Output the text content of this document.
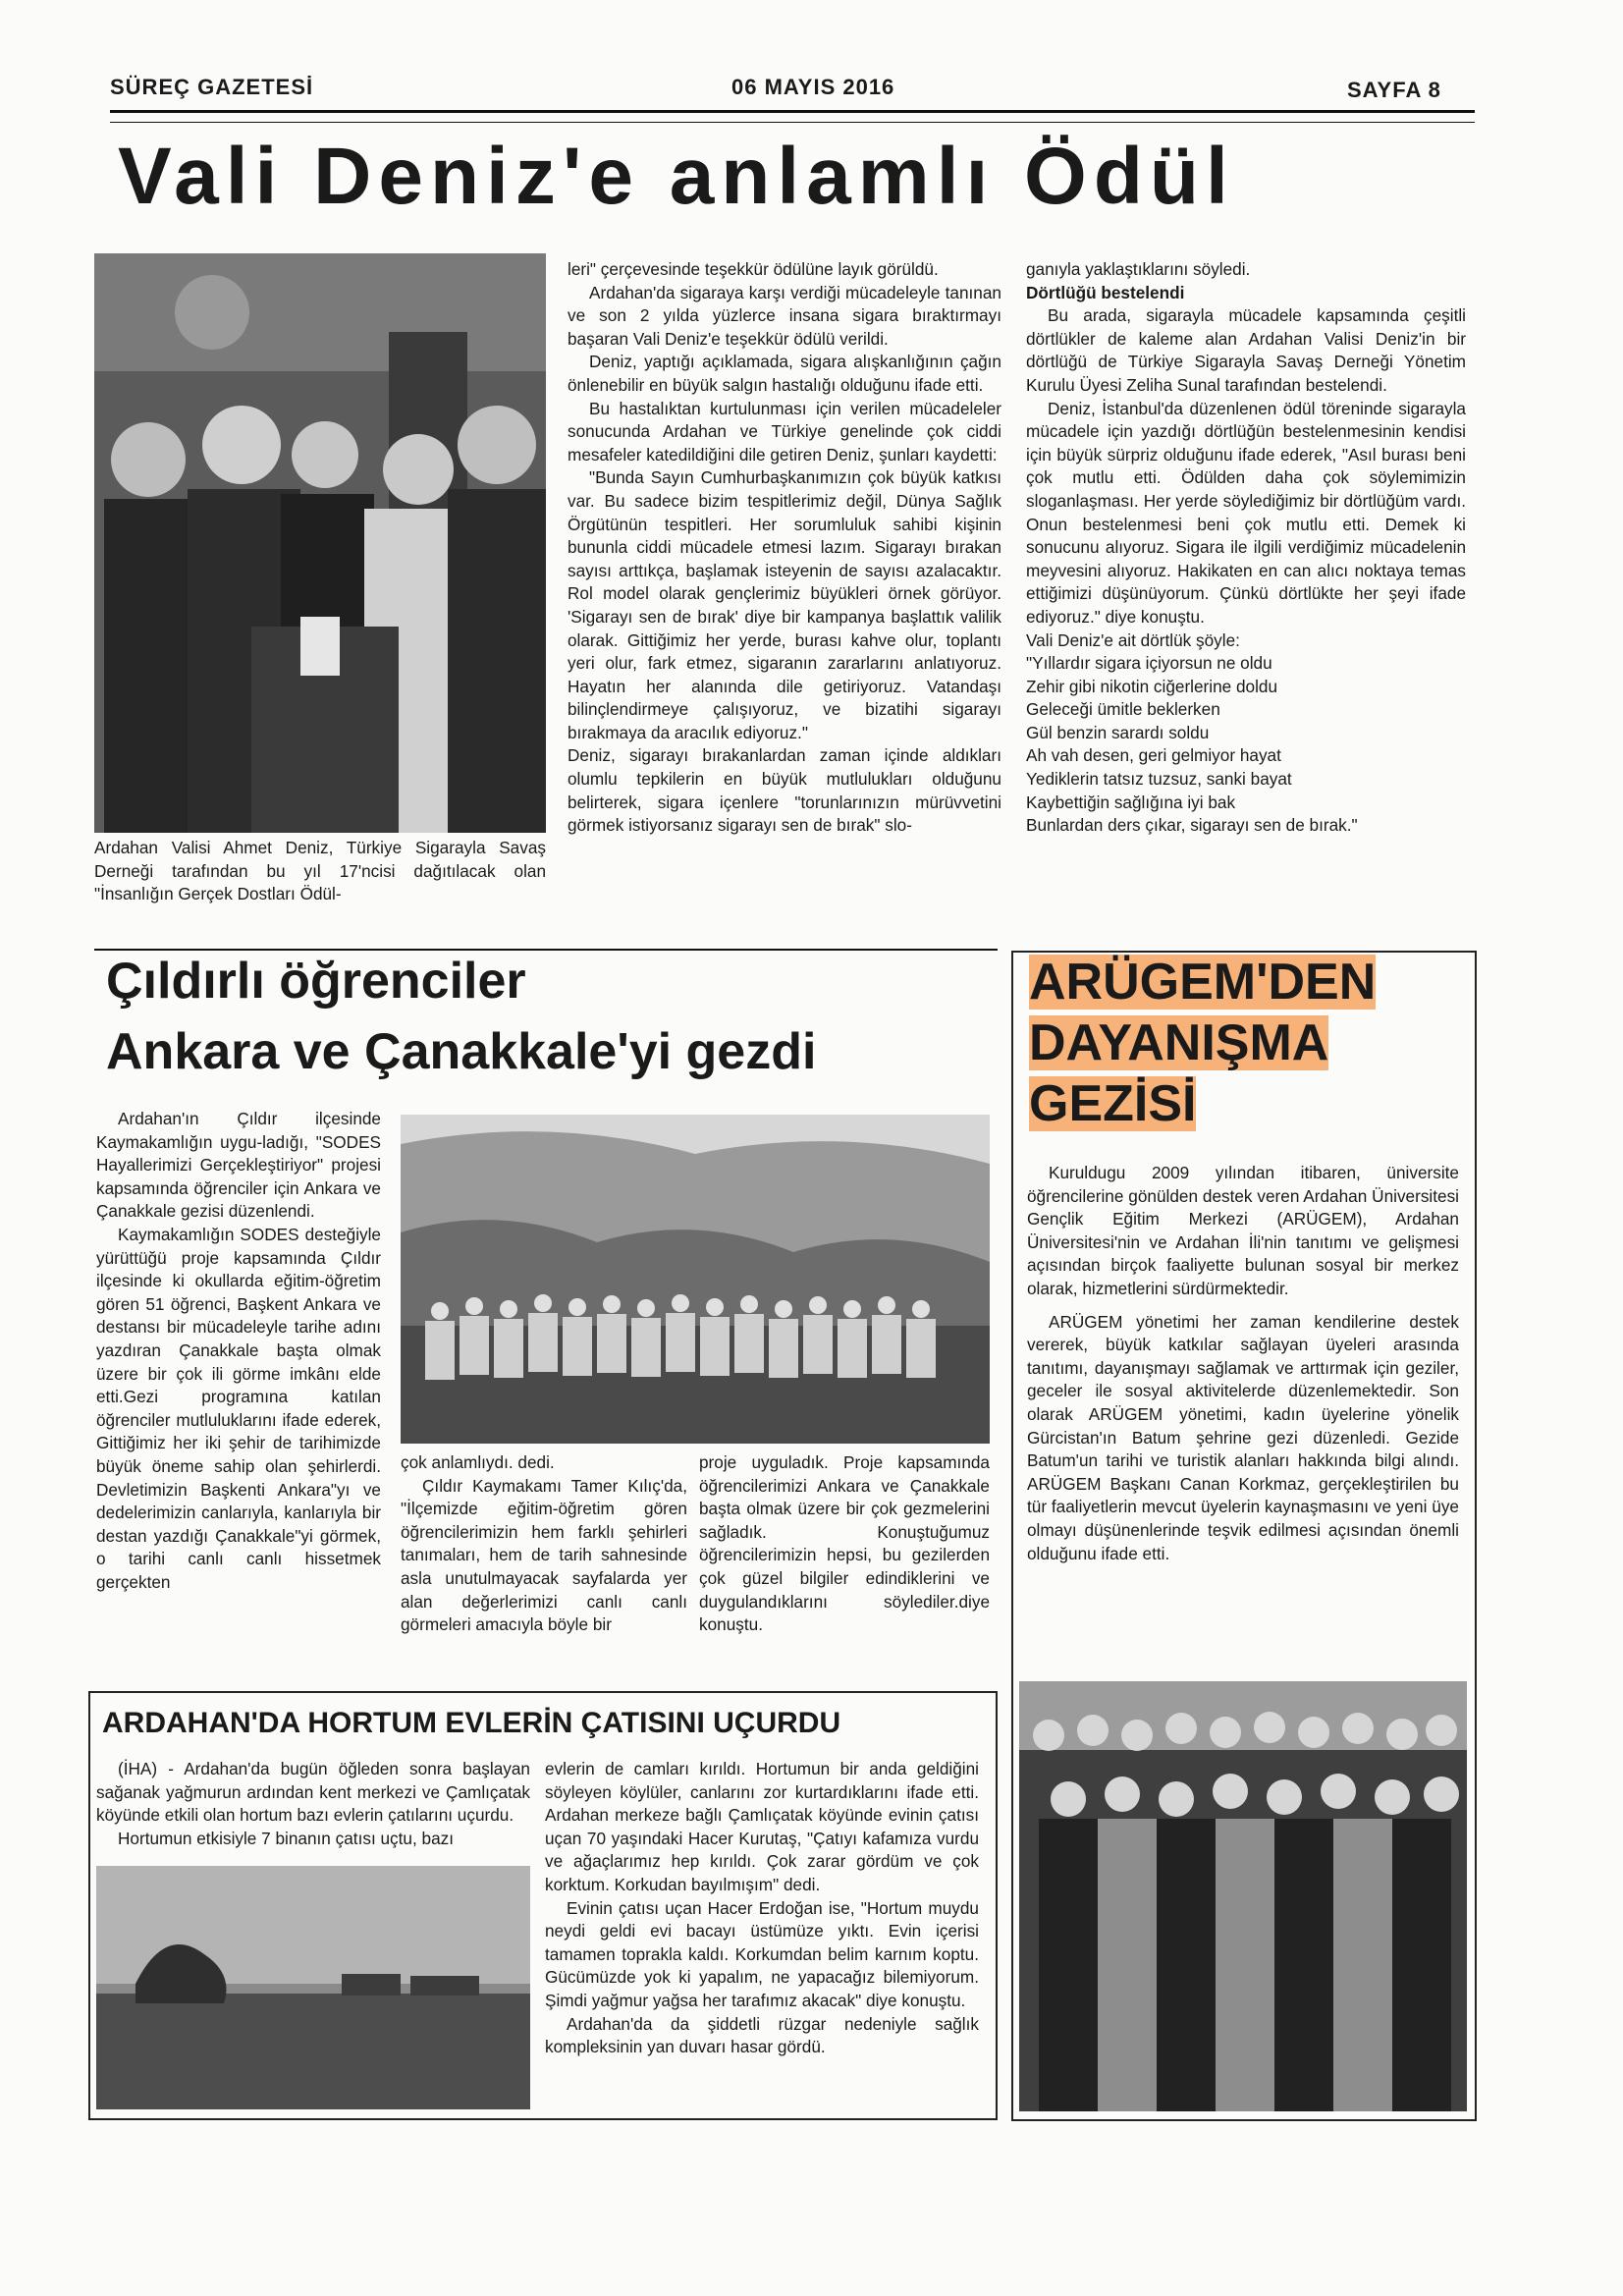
SÜREÇ GAZETESİ	06 MAYIS 2016	SAYFA 8
Vali Deniz'e anlamlı Ödül
Ardahan Valisi Ahmet Deniz, Türkiye Sigarayla Savaş Derneği tarafından bu yıl 17'ncisi dağıtılacak olan "İnsanlığın Gerçek Dostları Ödül-

leri" çerçevesinde teşekkür ödülüne layık görüldü.

Ardahan'da sigaraya karşı verdiği mücadeleyle tanınan ve son 2 yılda yüzlerce insana sigara bıraktırmayı başaran Vali Deniz'e teşekkür ödülü verildi.

Deniz, yaptığı açıklamada, sigara alışkanlığının çağın önlenebilir en büyük salgın hastalığı olduğunu ifade etti.

Bu hastalıktan kurtulunması için verilen mücadeleler sonucunda Ardahan ve Türkiye genelinde çok ciddi mesafeler katedildiğini dile getiren Deniz, şunları kaydetti:

"Bunda Sayın Cumhurbaşkanımızın çok büyük katkısı var. Bu sadece bizim tespitlerimiz değil, Dünya Sağlık Örgütünün tespitleri. Her sorumluluk sahibi kişinin bununla ciddi mücadele etmesi lazım. Sigarayı bırakan sayısı arttıkça, başlamak isteyenin de sayısı azalacaktır. Rol model olarak gençlerimiz büyükleri örnek görüyor. 'Sigarayı sen de bırak' diye bir kampanya başlattık valilik olarak. Gittiğimiz her yerde, burası kahve olur, toplantı yeri olur, fark etmez, sigaranın zararlarını anlatıyoruz. Hayatın her alanında dile getiriyoruz. Vatandaşı bilinçlendirmeye çalışıyoruz, ve bizatihi sigarayı bırakmaya da aracılık ediyoruz."

Deniz, sigarayı bırakanlardan zaman içinde aldıkları olumlu tepkilerin en büyük mutlulukları olduğunu belirterek, sigara içenlere "torunlarınızın mürüvvetini görmek istiyorsanız sigarayı sen de bırak" slo-

ganıyla yaklaştıklarını söyledi.

Dörtlüğü bestelendi

Bu arada, sigarayla mücadele kapsamında çeşitli dörtlükler de kaleme alan Ardahan Valisi Deniz'in bir dörtlüğü de Türkiye Sigarayla Savaş Derneği Yönetim Kurulu Üyesi Zeliha Sunal tarafından bestelendi.

Deniz, İstanbul'da düzenlenen ödül töreninde sigarayla mücadele için yazdığı dörtlüğün bestelenmesinin kendisi için büyük sürpriz olduğunu ifade ederek, "Asıl burası beni çok mutlu etti. Ödülden daha çok söylemimizin sloganlaşması. Her yerde söylediğimiz bir dörtlüğüm vardı. Onun bestelenmesi beni çok mutlu etti. Demek ki sonucunu alıyoruz. Sigara ile ilgili verdiğimiz mücadelenin meyvesini alıyoruz. Hakikaten en can alıcı noktaya temas ettiğimizi düşünüyorum. Çünkü dörtlükte her şeyi ifade ediyoruz." diye konuştu.

Vali Deniz'e ait dörtlük şöyle:

"Yıllardır sigara içiyorsun ne oldu

Zehir gibi nikotin ciğerlerine doldu

Geleceği ümitle beklerken

Gül benzin sarardı soldu

Ah vah desen, geri gelmiyor hayat

Yediklerin tatsız tuzsuz, sanki bayat

Kaybettiğin sağlığına iyi bak

Bunlardan ders çıkar, sigarayı sen de bırak."

Çıldırlı öğrenciler
Ankara ve Çanakkale'yi gezdi

Ardahan'ın Çıldır ilçesinde Kaymakamlığın uygu-ladığı, "SODES Hayallerimizi Gerçekleştiriyor" projesi kapsamında öğrenciler için Ankara ve Çanakkale gezisi düzenlendi.

Kaymakamlığın SODES desteğiyle yürüttüğü proje kapsamında Çıldır ilçesinde ki okullarda eğitim-öğretim gören 51 öğrenci, Başkent Ankara ve destansı bir mücadeleyle tarihe adını yazdıran Çanakkale başta olmak üzere bir çok ili görme imkânı elde etti.Gezi programına katılan öğrenciler mutluluklarını ifade ederek, Gittiğimiz her iki şehir de tarihimizde büyük öneme sahip olan şehirlerdi. Devletimizin Başkenti Ankara"yı ve dedelerimizin canlarıyla, kanlarıyla bir destan yazdığı Çanakkale"yi görmek, o tarihi canlı canlı hissetmek gerçekten

çok anlamlıydı. dedi.

Çıldır Kaymakamı Tamer Kılıç'da, "İlçemizde eğitim-öğretim gören öğrencilerimizin hem farklı şehirleri tanımaları, hem de tarih sahnesinde asla unutulmayacak sayfalarda yer alan değerlerimizi canlı canlı görmeleri amacıyla böyle bir

proje uyguladık. Proje kapsamında öğrencilerimizi Ankara ve Çanakkale başta olmak üzere bir çok gezmelerini sağladık. Konuştuğumuz öğrencilerimizin hepsi, bu gezilerden çok güzel bilgiler edindiklerini ve duygulandıklarını söylediler.diye konuştu.

ARDAHAN'DA HORTUM EVLERİN ÇATISINI UÇURDU

(İHA) - Ardahan'da bugün öğleden sonra başlayan sağanak yağmurun ardından kent merkezi ve Çamlıçatak köyünde etkili olan hortum bazı evlerin çatılarını uçurdu.

Hortumun etkisiyle 7 binanın çatısı uçtu, bazı

evlerin de camları kırıldı. Hortumun bir anda geldiğini söyleyen köylüler, canlarını zor kurtardıklarını ifade etti. Ardahan merkeze bağlı Çamlıçatak köyünde evinin çatısı uçan 70 yaşındaki Hacer Kurutaş, "Çatıyı kafamıza vurdu ve ağaçlarımız hep kırıldı. Çok zarar gördüm ve çok korktum. Korkudan bayılmışım" dedi.

Evinin çatısı uçan Hacer Erdoğan ise, "Hortum muydu neydi geldi evi bacayı üstümüze yıktı. Evin içerisi tamamen toprakla kaldı. Korkumdan belim karnım koptu. Gücümüzde yok ki yapalım, ne yapacağız bilemiyorum. Şimdi yağmur yağsa her tarafımız akacak" diye konuştu.

Ardahan'da da şiddetli rüzgar nedeniyle sağlık kompleksinin yan duvarı hasar gördü.

ARÜGEM'DEN
DAYANIŞMA
GEZİSİ

Kuruldugu 2009 yılından itibaren, üniversite öğrencilerine gönülden destek veren Ardahan Üniversitesi Gençlik Eğitim Merkezi (ARÜGEM), Ardahan Üniversitesi'nin ve Ardahan İli'nin tanıtımı ve gelişmesi açısından birçok faaliyette bulunan sosyal bir merkez olarak, hizmetlerini sürdürmektedir.

ARÜGEM yönetimi her zaman kendilerine destek vererek, büyük katkılar sağlayan üyeleri arasında tanıtımı, dayanışmayı sağlamak ve arttırmak için geziler, geceler ile sosyal aktivitelerde düzenlemektedir. Son olarak ARÜGEM yönetimi, kadın üyelerine yönelik Gürcistan'ın Batum şehrine gezi düzenledi. Gezide Batum'un tarihi ve turistik alanları hakkında bilgi alındı. ARÜGEM Başkanı Canan Korkmaz, gerçekleştirilen bu tür faaliyetlerin mevcut üyelerin kaynaşmasını ve yeni üye olmayı düşünenlerinde teşvik edilmesi açısından önemli olduğunu ifade etti.
